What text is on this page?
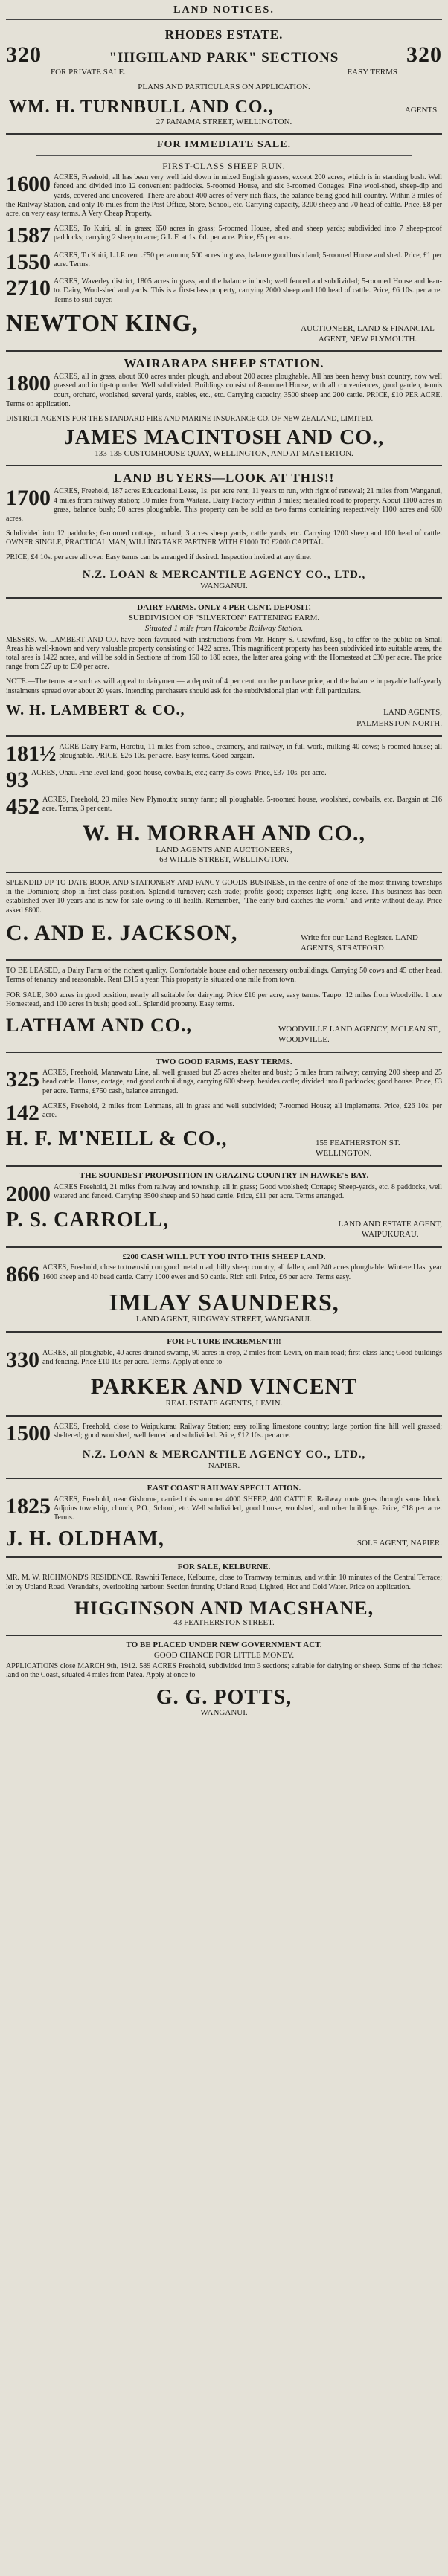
LAND NOTICES.
RHODES ESTATE.
320	"HIGHLAND PARK" SECTIONS	320
FOR PRIVATE SALE.	EASY TERMS
PLANS AND PARTICULARS ON APPLICATION.
WM. H. TURNBULL AND CO.,	AGENTS.
27 PANAMA STREET, WELLINGTON.
FOR IMMEDIATE SALE.
FIRST-CLASS SHEEP RUN.
1600 ACRES, Freehold; all has been very well laid down in mixed English grasses, except 200 acres, which is in standing bush. Well fenced and divided into 12 convenient paddocks. 5-roomed House, and six 3-roomed Cottages. Fine wool-shed, sheep-dip and yards, covered and uncovered. There are about 400 acres of very rich flats, the balance being good hill country. Within 3 miles of the Railway Station, and only 16 miles from the Post Office, Store, School, etc. Carrying capacity, 3200 sheep and 70 head of cattle. Price, £8 per acre, on very easy terms. A Very Cheap Property.
1587 ACRES, To Kuiti, all in grass; 650 acres in grass; 5-roomed House, shed and sheep yards; subdivided into 7 sheep-proof paddocks; carrying 2 sheep to acre; G.L.F. at 1s. 6d. per acre. Price, £5 per acre.
1550 ACRES, To Kuiti, L.I.P. rent .£50 per annum; 500 acres in grass, balance good bush land; 5-roomed House and shed. Price, £1 per acre. Terms.
2710 ACRES, Waverley district, 1805 acres in grass, and the balance in bush; well fenced and subdivided; 5-roomed House and lean-to. Dairy, Wool-shed and yards. This is a first-class property, carrying 2000 sheep and 100 head of cattle. Price, £6 10s. per acre. Terms to suit buyer.
NEWTON KING,	AUCTIONEER, LAND & FINANCIAL AGENT, NEW PLYMOUTH.
WAIRARAPA SHEEP STATION.
1800 ACRES, all in grass, about 600 acres under plough, and about 200 acres ploughable. All has been heavy bush country, now well grassed and in tip-top order. Well subdivided. Buildings consist of 8-roomed House, with all conveniences, good garden, tennis court, orchard, woolshed, several yards, stables, etc., etc. Carrying capacity, 3500 sheep and 200 cattle. PRICE, £10 PER ACRE. Terms on application.
DISTRICT AGENTS FOR THE STANDARD FIRE AND MARINE INSURANCE CO. OF NEW ZEALAND, LIMITED.
JAMES MACINTOSH AND CO.,
133-135 CUSTOMHOUSE QUAY, WELLINGTON, AND AT MASTERTON.
LAND BUYERS—LOOK AT THIS!!
1700 ACRES, Freehold, 187 acres Educational Lease, 1s. per acre rent; 11 years to run, with right of renewal; 21 miles from Wanganui, 4 miles from railway station; 10 miles from Waitara. Dairy Factory within 3 miles; metalled road to property. About 1100 acres in grass, balance bush; 50 acres ploughable. This property can be sold as two farms containing respectively 1100 acres and 600 acres.
Subdivided into 12 paddocks; 6-roomed cottage, orchard, 3 acres sheep yards, cattle yards, etc. Carrying 1200 sheep and 100 head of cattle. OWNER SINGLE, PRACTICAL MAN, WILLING TAKE PARTNER WITH £1000 TO £2000 CAPITAL.
PRICE, £4 10s. per acre all over. Easy terms can be arranged if desired. Inspection invited at any time.
N.Z. LOAN & MERCANTILE AGENCY CO., LTD.,
WANGANUI.
DAIRY FARMS. ONLY 4 PER CENT. DEPOSIT.
SUBDIVISION OF "SILVERTON" FATTENING FARM.
Situated 1 mile from Halcombe Railway Station.
MESSRS. W. LAMBERT AND CO. have been favoured with instructions from Mr. Henry S. Crawford, Esq., to offer to the public on Small Areas his well-known and very valuable property consisting of 1422 acres. This magnificent property has been subdivided into suitable areas, the total area is 1422 acres, and will be sold in Sections of from 150 to 180 acres, the latter area going with the Homestead at £30 per acre. The price range from £27 up to £30 per acre.
NOTE.—The terms are such as will appeal to dairymen — a deposit of 4 per cent. on the purchase price, and the balance in payable half-yearly instalments spread over about 20 years. Intending purchasers should ask for the subdivisional plan with full particulars.
W. H. LAMBERT & CO.,	LAND AGENTS,
PALMERSTON NORTH.
181½ ACRE Dairy Farm, Horotiu, 11 miles from school, creamery, and railway, in full work, milking 40 cows; 5-roomed house; all ploughable. PRICE, £26 10s. per acre. Easy terms. Good bargain.
93 ACRES, Ohau. Fine level land, good house, cowbails, etc.; carry 35 cows. Price, £37 10s. per acre.
452 ACRES, Freehold, 20 miles New Plymouth; sunny farm; all ploughable. 5-roomed house, woolshed, cowbails, etc. Bargain at £16 acre. Terms, 3 per cent.
W. H. MORRAH AND CO.,
LAND AGENTS AND AUCTIONEERS,
63 WILLIS STREET, WELLINGTON.
SPLENDID UP-TO-DATE BOOK AND STATIONERY AND FANCY GOODS BUSINESS, in the centre of one of the most thriving townships in the Dominion; shop in first-class position. Splendid turnover; cash trade; profits good; expenses light; long lease. This business has been established over 10 years and is now for sale owing to ill-health. Remember, "The early bird catches the worm," and write without delay. Price asked £800.
C. AND E. JACKSON,	Write for our Land Register. LAND AGENTS, STRATFORD.
TO BE LEASED, a Dairy Farm of the richest quality. Comfortable house and other necessary outbuildings. Carrying 50 cows and 45 other head. Terms of tenancy and reasonable. Rent £315 a year. This property is situated one mile from town.
FOR SALE, 300 acres in good position, nearly all suitable for dairying. Price £16 per acre, easy terms. Taupo. 12 miles from Woodville. 1 one Homestead, and 100 acres in bush; good soil. Splendid property. Easy terms.
LATHAM AND CO.,	WOODVILLE LAND AGENCY, MCLEAN ST., WOODVILLE.
TWO GOOD FARMS, EASY TERMS.
325 ACRES, Freehold, Manawatu Line, all well grassed but 25 acres shelter and bush; 5 miles from railway; carrying 200 sheep and 25 head cattle. House, cottage, and good outbuildings, carrying 600 sheep, besides cattle; divided into 8 paddocks; good house. Price, £3 per acre. Terms, £750 cash, balance arranged.
142 ACRES, Freehold, 2 miles from Lehmans, all in grass and well subdivided; 7-roomed House; all implements. Price, £26 10s. per acre.
H. F. M'NEILL & CO.,	155 FEATHERSTON ST. WELLINGTON.
THE SOUNDEST PROPOSITION IN GRAZING COUNTRY IN HAWKE'S BAY.
2000 ACRES Freehold, 21 miles from railway and township, all in grass; Good woolshed; Cottage; Sheep-yards, etc. 8 paddocks, well watered and fenced. Carrying 3500 sheep and 50 head cattle. Price, £11 per acre. Terms arranged.
P. S. CARROLL,	LAND AND ESTATE AGENT,
WAIPUKURAU.
£200 CASH WILL PUT YOU INTO THIS SHEEP LAND.
866 ACRES, Freehold, close to township on good metal road; hilly sheep country, all fallen, and 240 acres ploughable. Wintered last year 1600 sheep and 40 head cattle. Carry 1000 ewes and 50 cattle. Rich soil. Price, £6 per acre. Terms easy.
IMLAY SAUNDERS,
LAND AGENT, RIDGWAY STREET, WANGANUI.
FOR FUTURE INCREMENT!!!
330 ACRES, all ploughable, 40 acres drained swamp, 90 acres in crop, 2 miles from Levin, on main road; first-class land; Good buildings and fencing. Price £10 10s per acre. Terms. Apply at once to
PARKER AND VINCENT
REAL ESTATE AGENTS, LEVIN.
1500 ACRES, Freehold, close to Waipukurau Railway Station; easy rolling limestone country; large portion fine hill well grassed; sheltered; good woolshed, well fenced and subdivided. Price, £12 10s. per acre.
N.Z. LOAN & MERCANTILE AGENCY CO., LTD.,
NAPIER.
EAST COAST RAILWAY SPECULATION.
1825 ACRES, Freehold, near Gisborne, carried this summer 4000 SHEEP, 400 CATTLE. Railway route goes through same block. Adjoins township, church, P.O., School, etc. Well subdivided, good house, woolshed, and other buildings. Price, £18 per acre. Terms.
J. H. OLDHAM,	SOLE AGENT, NAPIER.
FOR SALE, KELBURNE.
MR. M. W. RICHMOND'S RESIDENCE, Rawhiti Terrace, Kelburne, close to Tramway terminus, and within 10 minutes of the Central Terrace; let by Upland Road. Verandahs, overlooking harbour. Section fronting Upland Road, Lighted, Hot and Cold Water. Price on application.
HIGGINSON AND MACSHANE,
43 FEATHERSTON STREET.
TO BE PLACED UNDER NEW GOVERNMENT ACT.
GOOD CHANCE FOR LITTLE MONEY.
APPLICATIONS close MARCH 9th, 1912. 589 ACRES Freehold, subdivided into 3 sections; suitable for dairying or sheep. Some of the richest land on the Coast, situated 4 miles from Patea. Apply at once to
G. G. POTTS,
WANGANUI.
